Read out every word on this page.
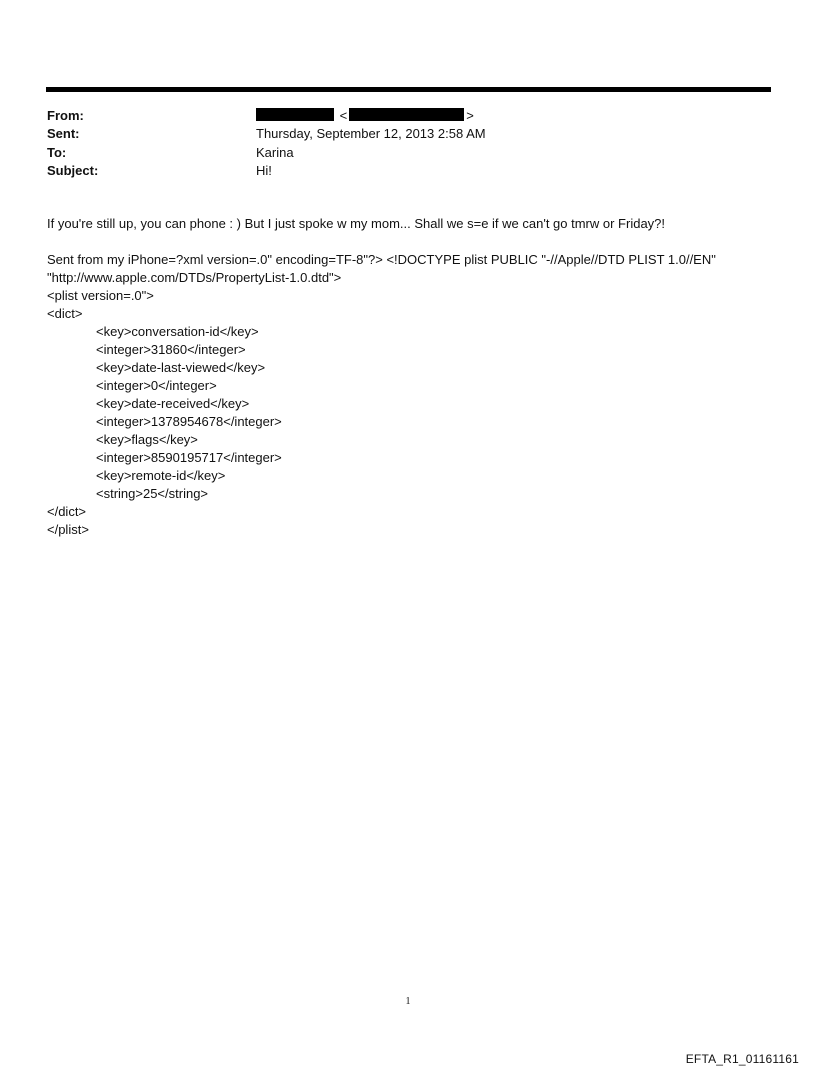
From:	<	>
Sent:	Thursday, September 12, 2013 2:58 AM
To:	Karina
Subject:	Hi!
If you're still up, you can phone : ) But I just spoke w my mom... Shall we s=e if we can't go tmrw or Friday?!
Sent from my iPhone=?xml version=.0" encoding=TF-8"?> <!DOCTYPE plist PUBLIC "-//Apple//DTD PLIST 1.0//EN"
"http://www.apple.com/DTDs/PropertyList-1.0.dtd">
<plist version=.0">
<dict>
<key>conversation-id</key>
<integer>31860</integer>
<key>date-last-viewed</key>
<integer>0</integer>
<key>date-received</key>
<integer>1378954678</integer>
<key>flags</key>
<integer>8590195717</integer>
<key>remote-id</key>
<string>25</string>
</dict>
</plist>
1
EFTA_R1_01161161
